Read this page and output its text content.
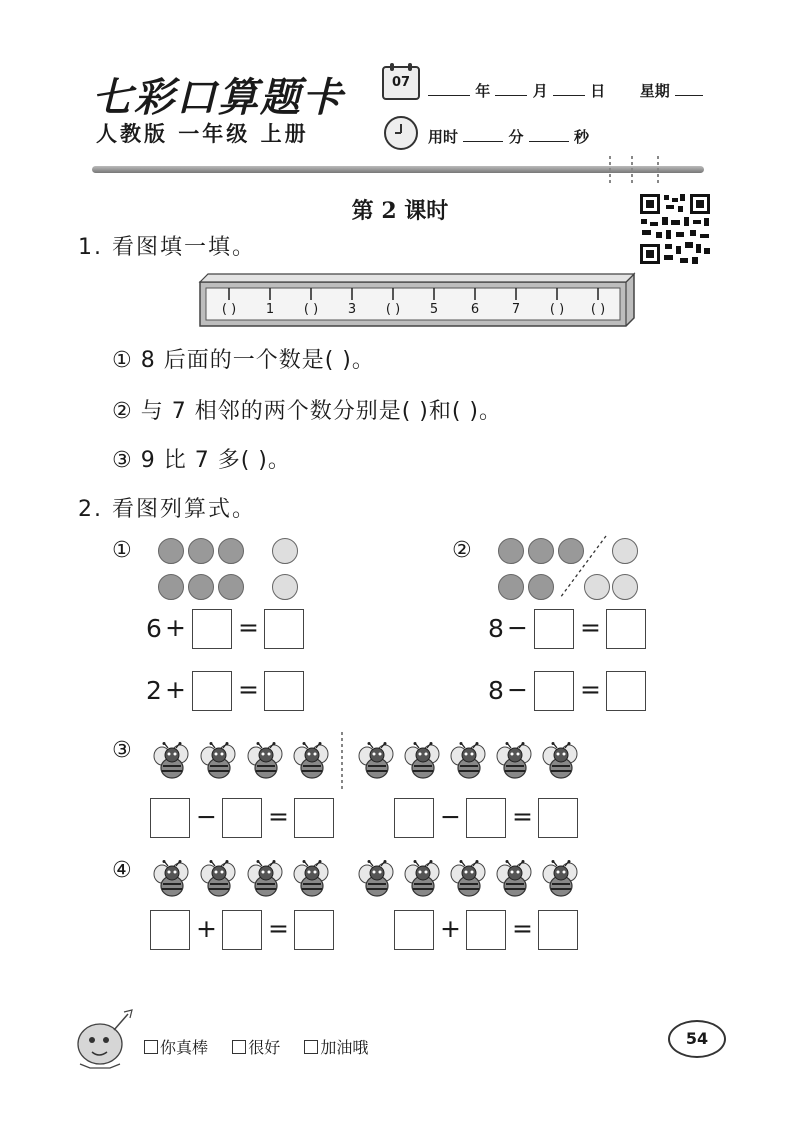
七彩口算题卡
人教版 一年级 上册
07	年	月	日 星期
用时	分	秒
第 2 课时
1. 看图填一填。
( )	1	( )	3	( )	5	6	7	( )	( )
① 8 后面的一个数是( )。
② 与 7 相邻的两个数分别是( )和( )。
③ 9 比 7 多( )。
2. 看图列算式。
①
6 + =
2 + =
②
8 − =
8 − =
③
− =	− =
④
+ =	+ =
你真棒	很好	加油哦	54
